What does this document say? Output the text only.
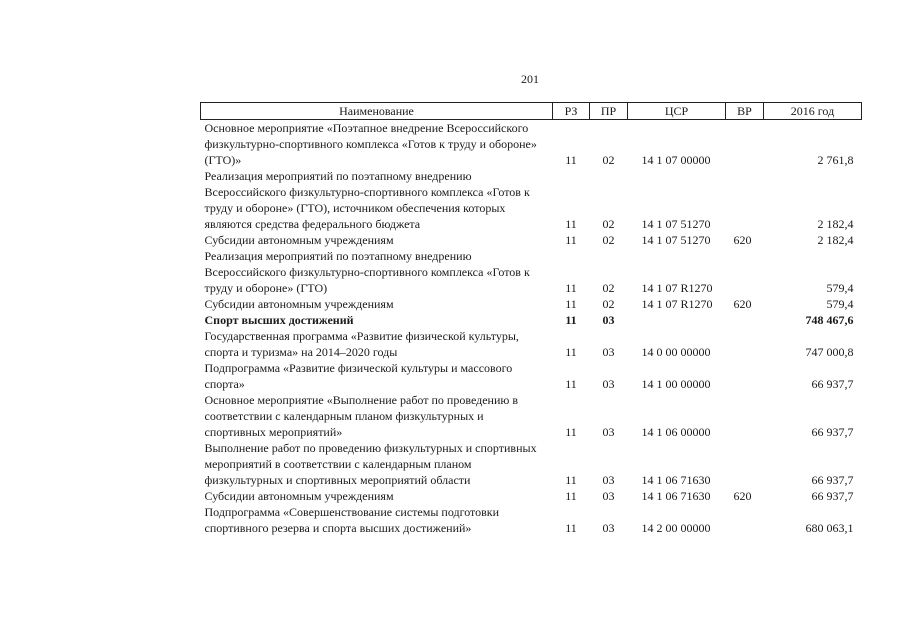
201
Наименование	РЗ	ПР	ЦСР	ВР	2016 год
Основное мероприятие «Поэтапное внедрение Всероссийского физкультурно-спортивного комплекса «Готов к труду и обороне» (ГТО)»	11	02	14 1 07 00000		2 761,8
Реализация мероприятий по поэтапному внедрению Всероссийского физкультурно-спортивного комплекса «Готов к труду и обороне» (ГТО), источником обеспечения которых являются средства федерального бюджета	11	02	14 1 07 51270		2 182,4
Субсидии автономным учреждениям	11	02	14 1 07 51270	620	2 182,4
Реализация мероприятий по поэтапному внедрению Всероссийского физкультурно-спортивного комплекса «Готов к труду и обороне» (ГТО)	11	02	14 1 07 R1270		579,4
Субсидии автономным учреждениям	11	02	14 1 07 R1270	620	579,4
Спорт высших достижений	11	03			748 467,6
Государственная программа «Развитие физической культуры, спорта и туризма» на 2014–2020 годы	11	03	14 0 00 00000		747 000,8
Подпрограмма «Развитие физической культуры и массового спорта»	11	03	14 1 00 00000		66 937,7
Основное мероприятие «Выполнение работ по проведению в соответствии с календарным планом физкультурных и спортивных мероприятий»	11	03	14 1 06 00000		66 937,7
Выполнение работ по проведению физкультурных и спортивных мероприятий в соответствии с календарным планом физкультурных и спортивных мероприятий области	11	03	14 1 06 71630		66 937,7
Субсидии автономным учреждениям	11	03	14 1 06 71630	620	66 937,7
Подпрограмма «Совершенствование системы подготовки спортивного резерва и спорта высших достижений»	11	03	14 2 00 00000		680 063,1
